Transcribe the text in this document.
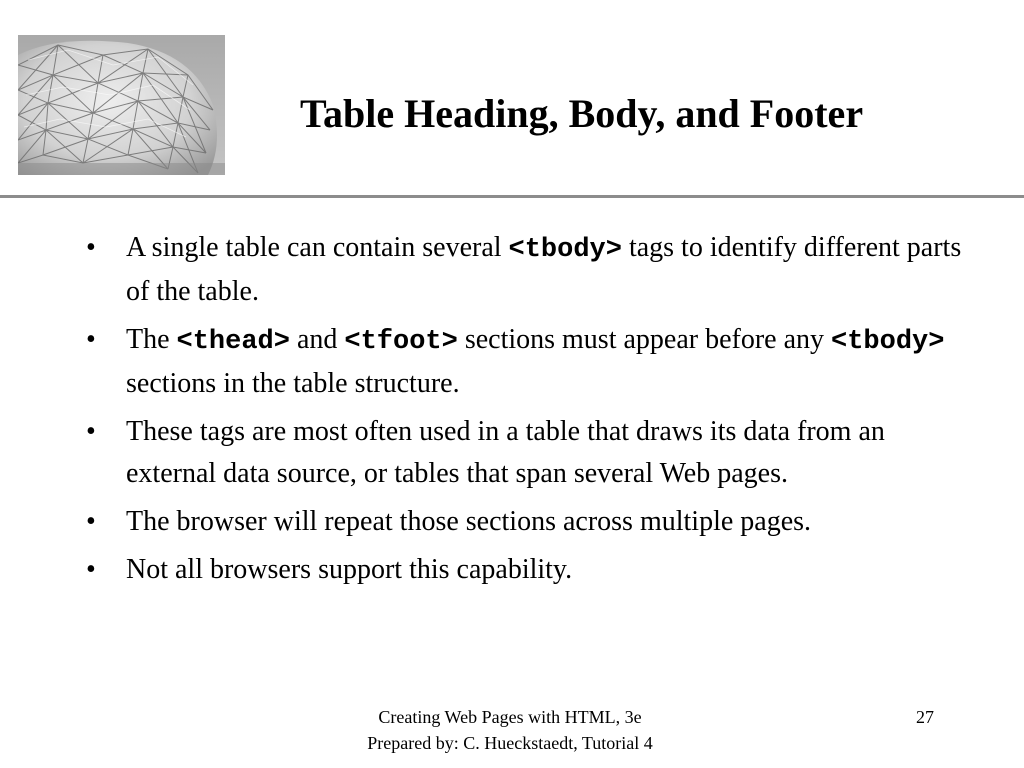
Table Heading, Body, and Footer
• A single table can contain several <tbody> tags to identify different parts of the table.
• The <thead> and <tfoot> sections must appear before any <tbody> sections in the table structure.
• These tags are most often used in a table that draws its data from an external data source, or tables that span several Web pages.
• The browser will repeat those sections across multiple pages.
• Not all browsers support this capability.
Creating Web Pages with HTML, 3e
Prepared by: C. Hueckstaedt, Tutorial 4
27
